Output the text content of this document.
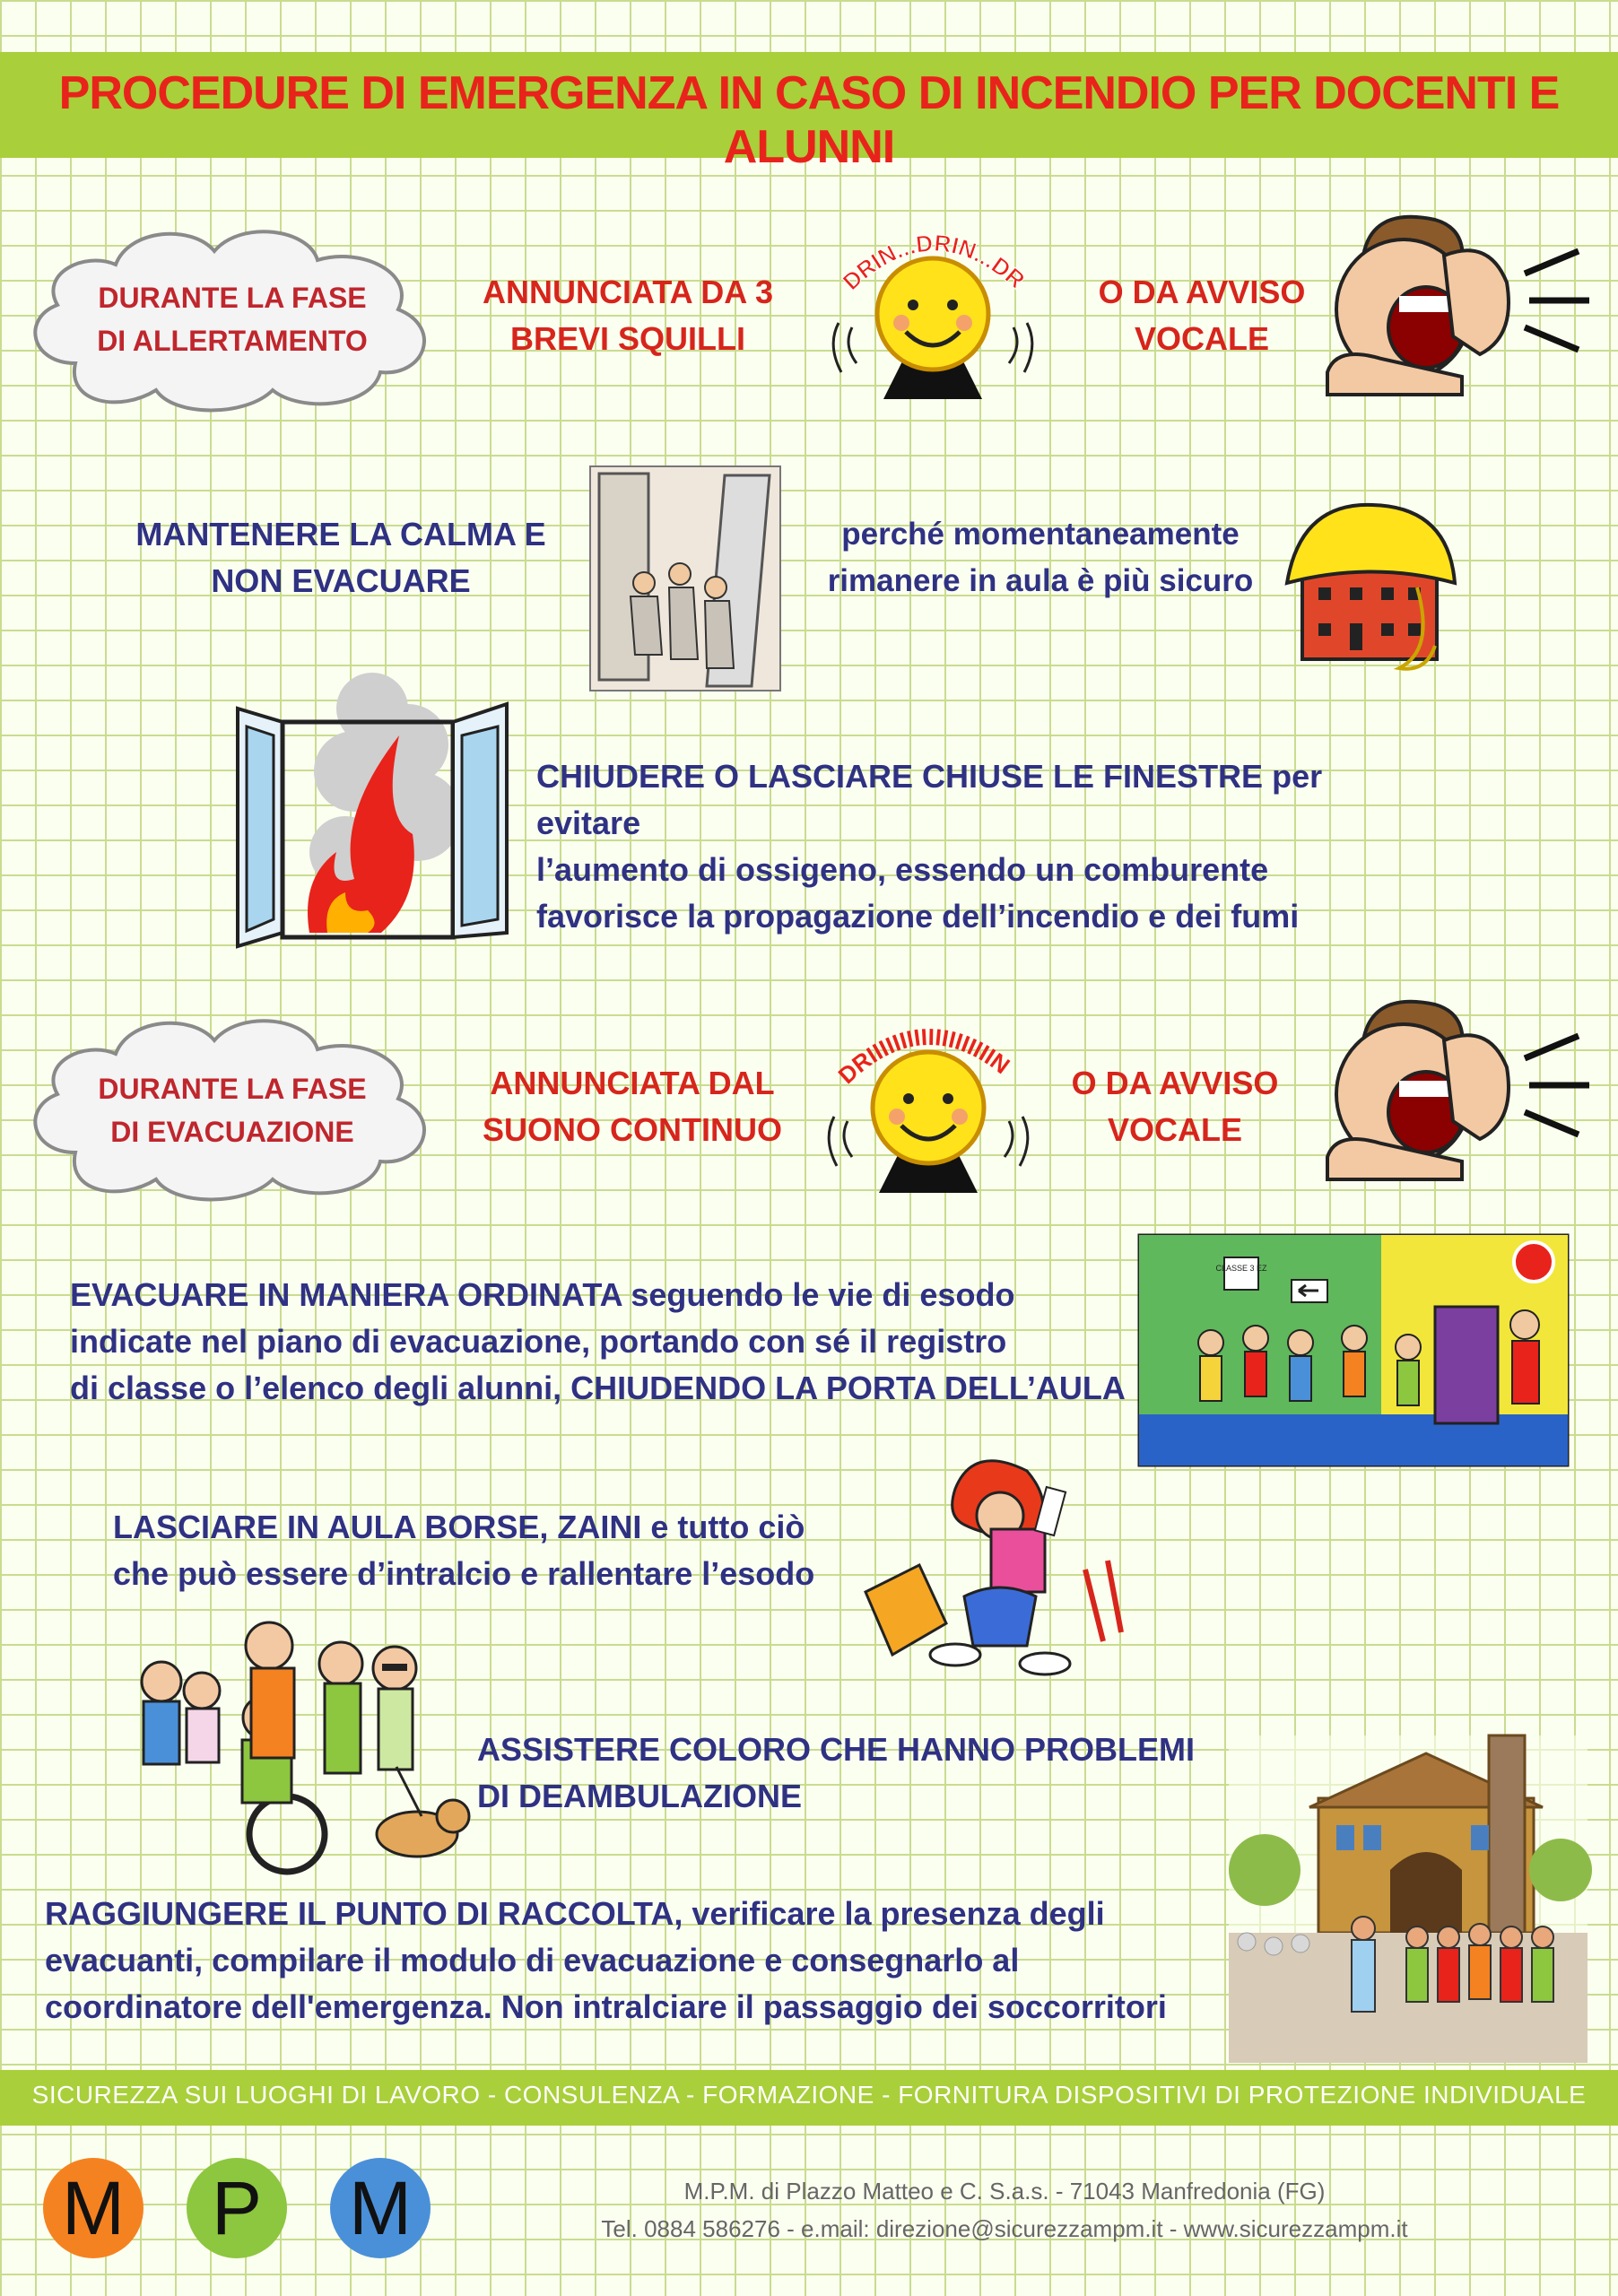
PROCEDURE DI EMERGENZA IN CASO DI INCENDIO PER DOCENTI E ALUNNI
DURANTE LA FASE
DI ALLERTAMENTO
ANNUNCIATA DA 3
BREVI SQUILLI
DRIN...DRIN...DRIN
O DA AVVISO
VOCALE
MANTENERE LA CALMA E
NON EVACUARE
perché momentaneamente
rimanere in aula è più sicuro
CHIUDERE O LASCIARE CHIUSE LE FINESTRE per evitare
l’aumento di ossigeno, essendo un comburente
favorisce la propagazione dell’incendio e dei fumi
DURANTE LA FASE
DI EVACUAZIONE
ANNUNCIATA DAL
SUONO CONTINUO
DRIIIIIIIIIIIIIIIIIIIN
O DA AVVISO
VOCALE
EVACUARE IN MANIERA ORDINATA seguendo le vie di esodo
indicate nel piano di evacuazione, portando con sé il registro
di classe o l’elenco degli alunni, CHIUDENDO LA PORTA DELL’AULA
CLASSE 3 EZ
LASCIARE IN AULA BORSE, ZAINI e tutto ciò
che può essere d’intralcio e rallentare l’esodo
ASSISTERE COLORO CHE HANNO PROBLEMI
DI DEAMBULAZIONE
RAGGIUNGERE IL PUNTO DI RACCOLTA, verificare la presenza degli
evacuanti, compilare il modulo di evacuazione e consegnarlo al
coordinatore dell'emergenza. Non intralciare il passaggio dei soccorritori
SICUREZZA SUI LUOGHI DI LAVORO - CONSULENZA - FORMAZIONE - FORNITURA DISPOSITIVI DI PROTEZIONE INDIVIDUALE
M	P	M	M.P.M. di Plazzo Matteo e C. S.a.s. - 71043 Manfredonia (FG)
Tel. 0884 586276 - e.mail: direzione@sicurezzampm.it - www.sicurezzampm.it
